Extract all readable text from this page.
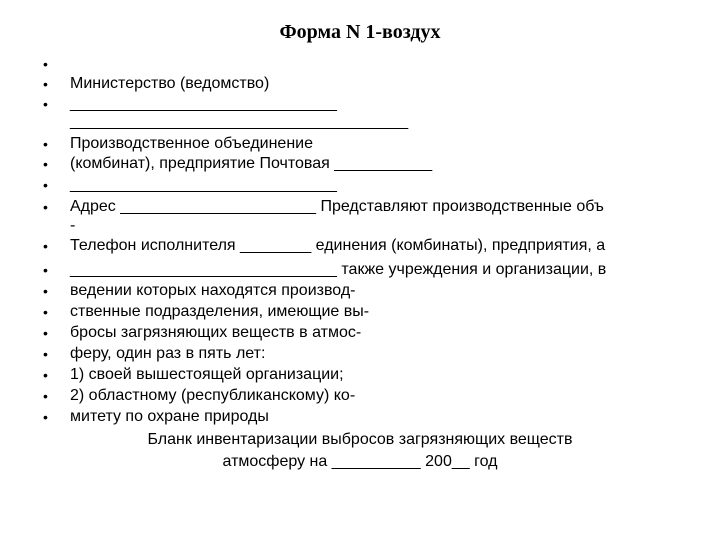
Форма N 1-воздух
•
•	Министерство (ведомство)
•	______________________________
______________________________________
•	Производственное объединение
•	(комбинат), предприятие Почтовая ___________
•	______________________________
•	Адрес ______________________ Представляют производственные объ
-
•	Телефон исполнителя ________ единения (комбинаты), предприятия, а
•	______________________________ также учреждения и организации, в
•	ведении которых находятся производ-
•	ственные подразделения, имеющие вы-
•	бросы загрязняющих веществ в атмос-
•	феру, один раз в пять лет:
•	1) своей вышестоящей организации;
•	2) областному (республиканскому) ко-
•	митету по охране природы
Бланк инвентаризации выбросов загрязняющих веществ
атмосферу на __________ 200__ год
